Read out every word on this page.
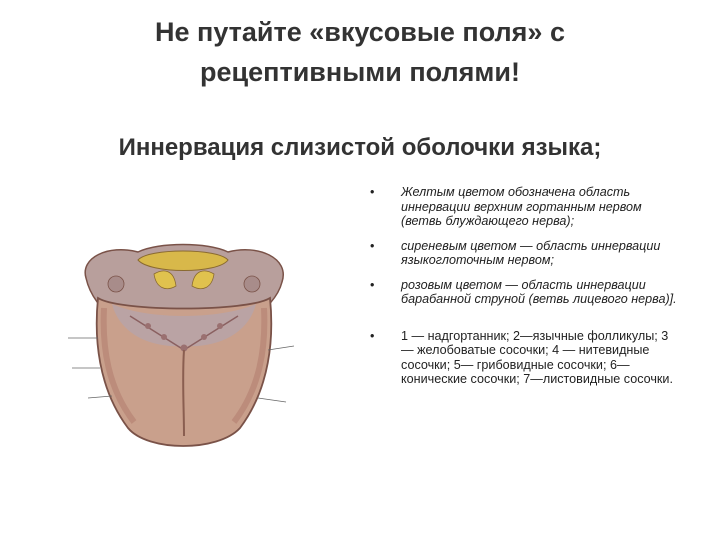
Не путайте «вкусовые поля» с
рецептивными полями!
Иннервация слизистой оболочки языка;
• Желтым цветом обозначена область иннервации верхним гортанным нервом (ветвь блуждающего нерва);
• сиреневым цветом — область иннервации языкоглоточным нервом;
• розовым цветом — область иннервации барабанной струной (ветвь лицевого нерва)].
• 1 — надгортанник; 2—язычные фолликулы; 3 — желобоватые сосочки; 4 — нитевидные сосочки; 5— грибовидные сосочки; 6—конические сосочки; 7—листовидные сосочки.
